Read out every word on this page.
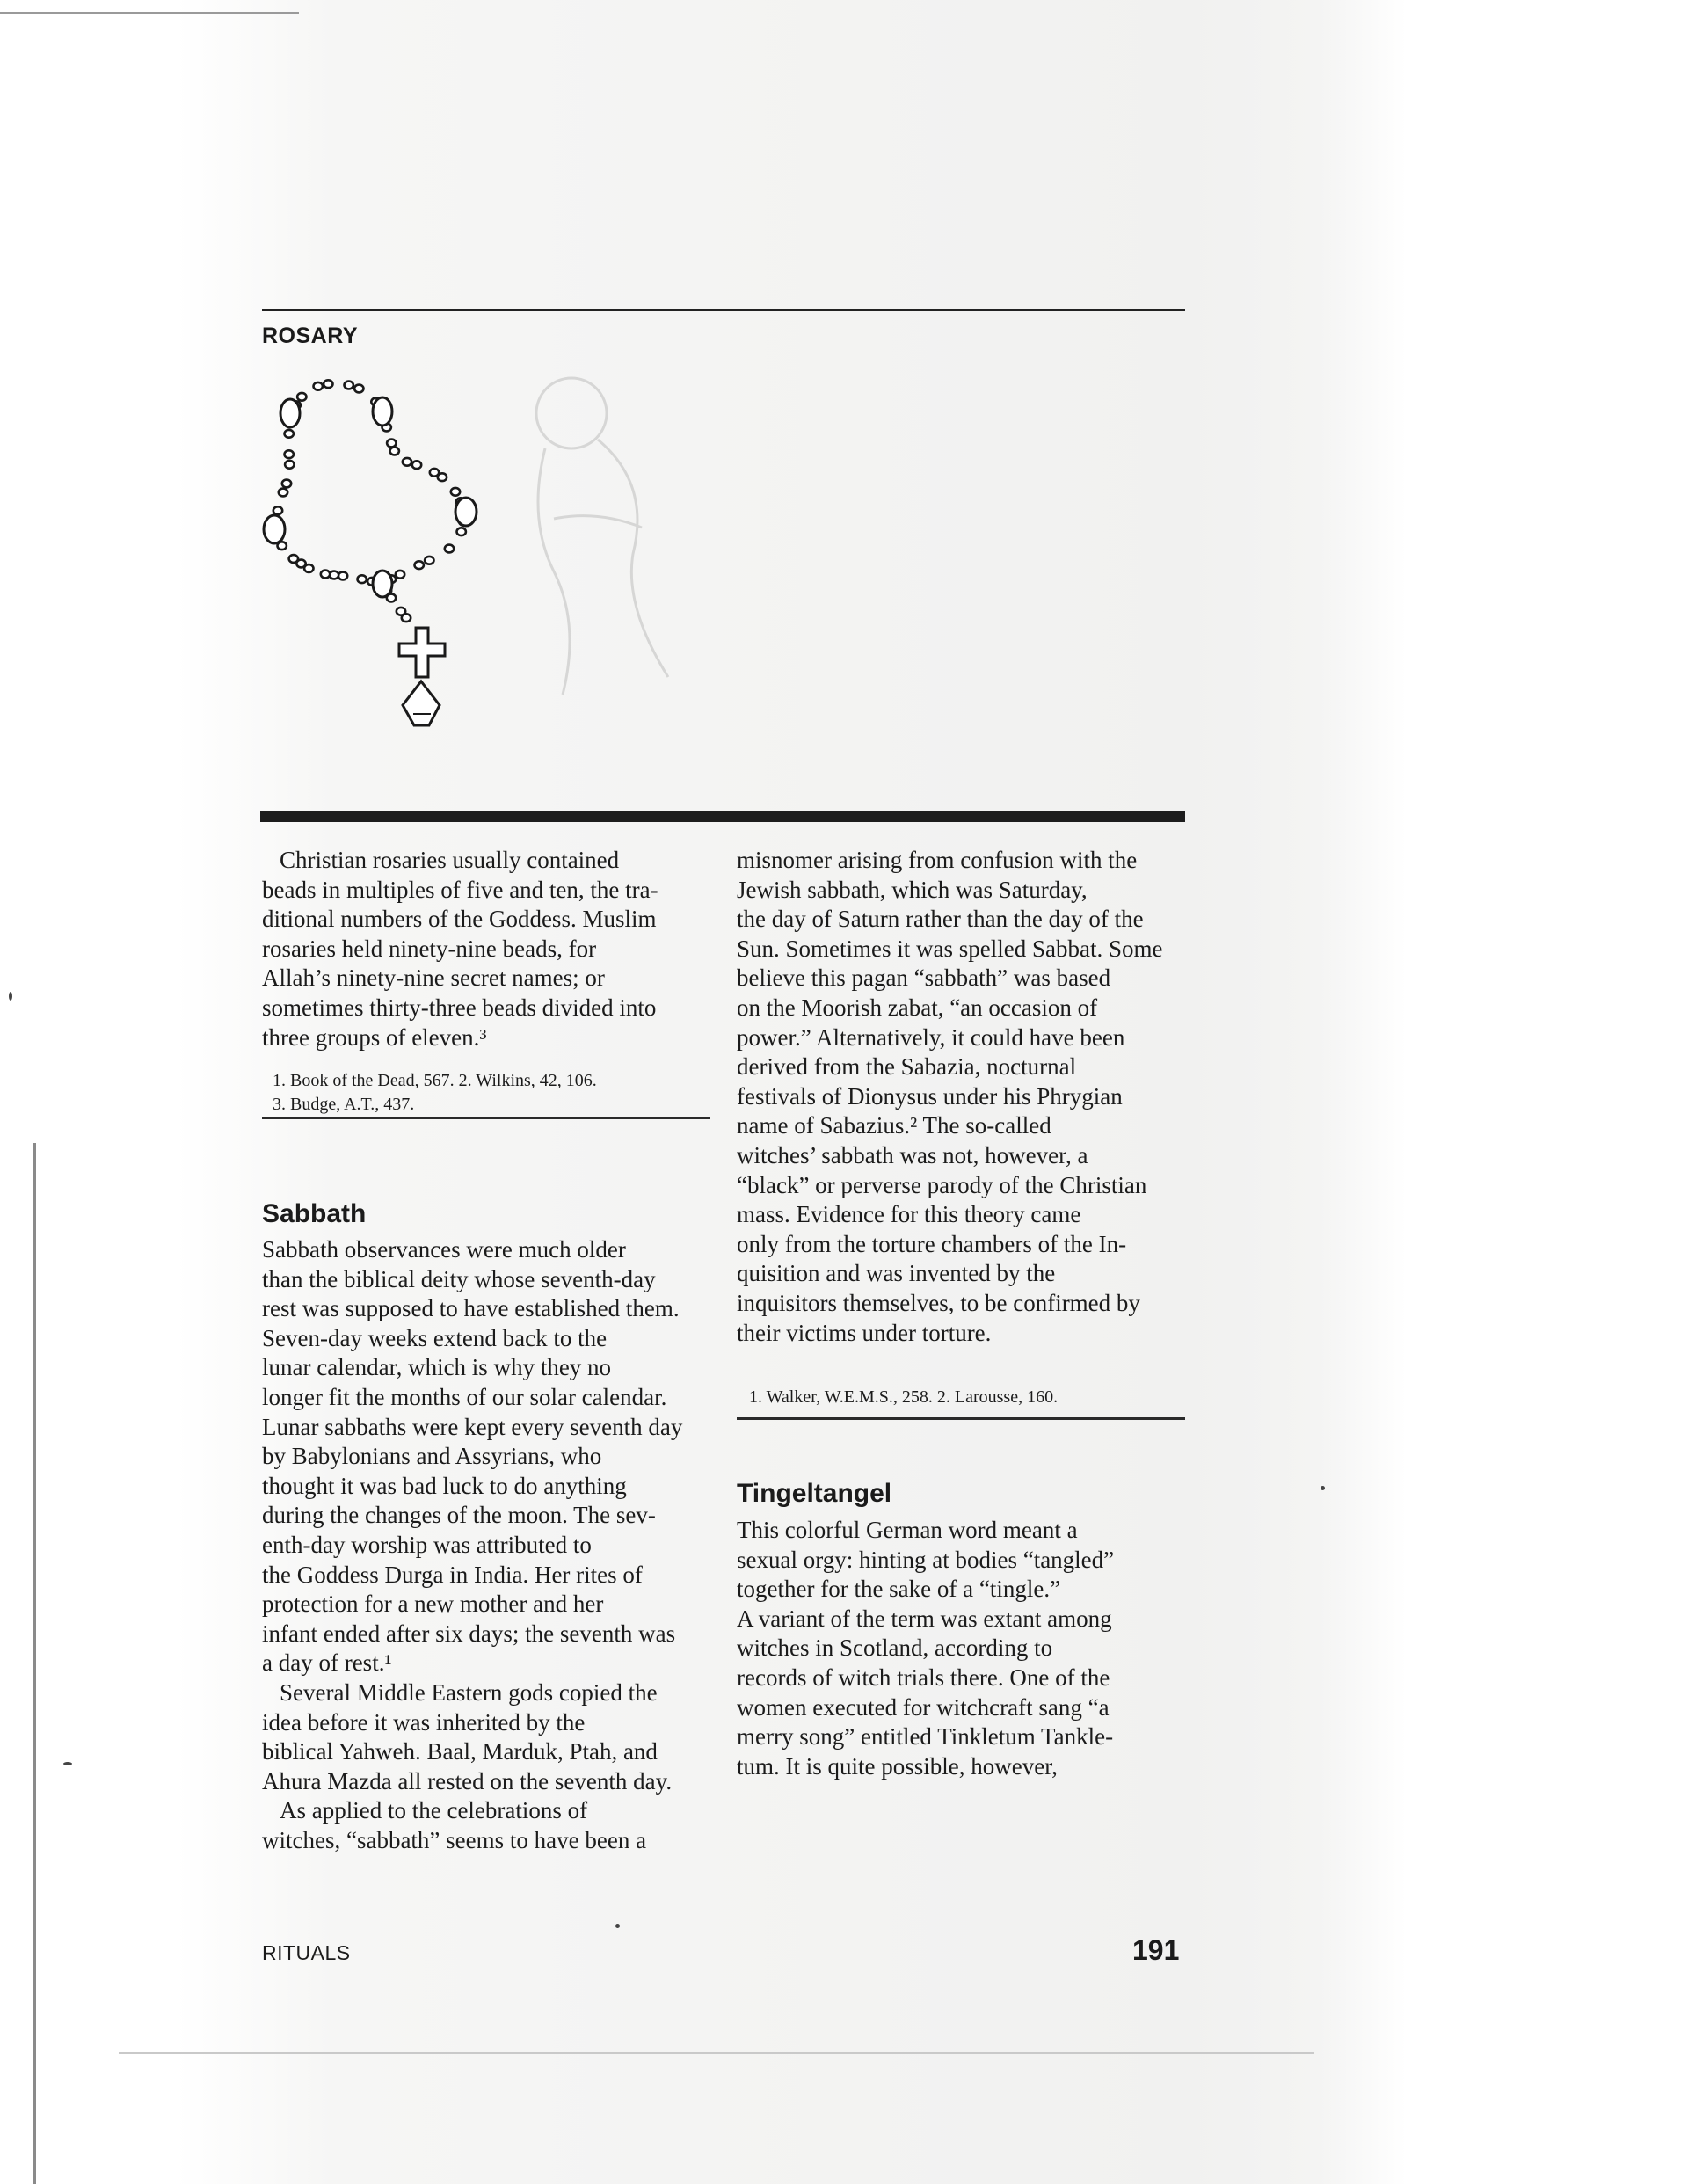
ROSARY

Christian rosaries usually contained

beads in multiples of five and ten, the tra-

ditional numbers of the Goddess. Muslim

rosaries held ninety-nine beads, for

Allah’s ninety-nine secret names; or

sometimes thirty-three beads divided into

three groups of eleven.³

1. Book of the Dead, 567. 2. Wilkins, 42, 106.

3. Budge, A.T., 437.

Sabbath

Sabbath observances were much older

than the biblical deity whose seventh-day

rest was supposed to have established them.

Seven-day weeks extend back to the

lunar calendar, which is why they no

longer fit the months of our solar calendar.

Lunar sabbaths were kept every seventh day

by Babylonians and Assyrians, who

thought it was bad luck to do anything

during the changes of the moon. The sev-

enth-day worship was attributed to

the Goddess Durga in India. Her rites of

protection for a new mother and her

infant ended after six days; the seventh was

a day of rest.¹

Several Middle Eastern gods copied the

idea before it was inherited by the

biblical Yahweh. Baal, Marduk, Ptah, and

Ahura Mazda all rested on the seventh day.

As applied to the celebrations of

witches, “sabbath” seems to have been a

misnomer arising from confusion with the

Jewish sabbath, which was Saturday,

the day of Saturn rather than the day of the

Sun. Sometimes it was spelled Sabbat. Some

believe this pagan “sabbath” was based

on the Moorish zabat, “an occasion of

power.” Alternatively, it could have been

derived from the Sabazia, nocturnal

festivals of Dionysus under his Phrygian

name of Sabazius.² The so-called

witches’ sabbath was not, however, a

“black” or perverse parody of the Christian

mass. Evidence for this theory came

only from the torture chambers of the In-

quisition and was invented by the

inquisitors themselves, to be confirmed by

their victims under torture.

1. Walker, W.E.M.S., 258. 2. Larousse, 160.

Tingeltangel

This colorful German word meant a

sexual orgy: hinting at bodies “tangled”

together for the sake of a “tingle.”

A variant of the term was extant among

witches in Scotland, according to

records of witch trials there. One of the

women executed for witchcraft sang “a

merry song” entitled Tinkletum Tankle-

tum. It is quite possible, however,

RITUALS	191
